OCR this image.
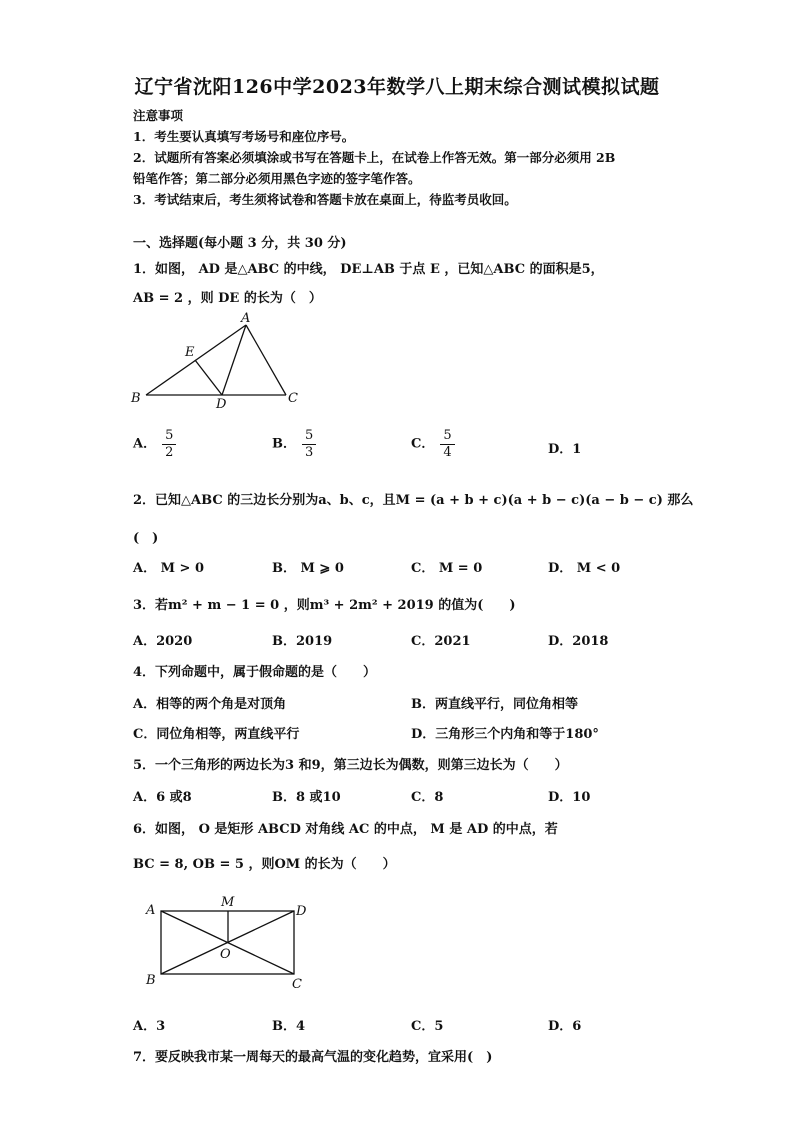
辽宁省沈阳126中学2023年数学八上期末综合测试模拟试题
注意事项
1．考生要认真填写考场号和座位序号。
2．试题所有答案必须填涂或书写在答题卡上，在试卷上作答无效。第一部分必须用 2B
铅笔作答；第二部分必须用黑色字迹的签字笔作答。
3．考试结束后，考生须将试卷和答题卡放在桌面上，待监考员收回。
一、选择题(每小题 3 分，共 30 分)
1．如图， AD 是△ABC 的中线， DE⊥AB 于点 E ，已知△ABC 的面积是5，
AB = 2 ，则 DE 的长为（　）
A
B	C
D
E
A． $\frac{5}{2}$	B． $\frac{5}{3}$	C． $\frac{5}{4}$	D．1
2．已知△ABC 的三边长分别为a、b、c，且M = (a + b + c)(a + b − c)(a − b − c) 那么
(　)
A． M > 0	B． M ⩾ 0	C． M = 0	D． M < 0
3．若m² + m − 1 = 0 ，则m³ + 2m² + 2019 的值为(　　)
A．2020	B．2019	C．2021	D．2018
4．下列命题中，属于假命题的是（　　）
A．相等的两个角是对顶角	B．两直线平行，同位角相等
C．同位角相等，两直线平行	D．三角形三个内角和等于180°
5．一个三角形的两边长为3 和9，第三边长为偶数，则第三边长为（　　）
A．6 或8	B．8 或10	C．8	D．10
6．如图， O 是矩形 ABCD 对角线 AC 的中点， M 是 AD 的中点，若
BC = 8, OB = 5 ，则OM 的长为（　　）
A
B	C
D
M
O
A．3	B．4	C．5	D．6
7．要反映我市某一周每天的最高气温的变化趋势，宜采用(　)
